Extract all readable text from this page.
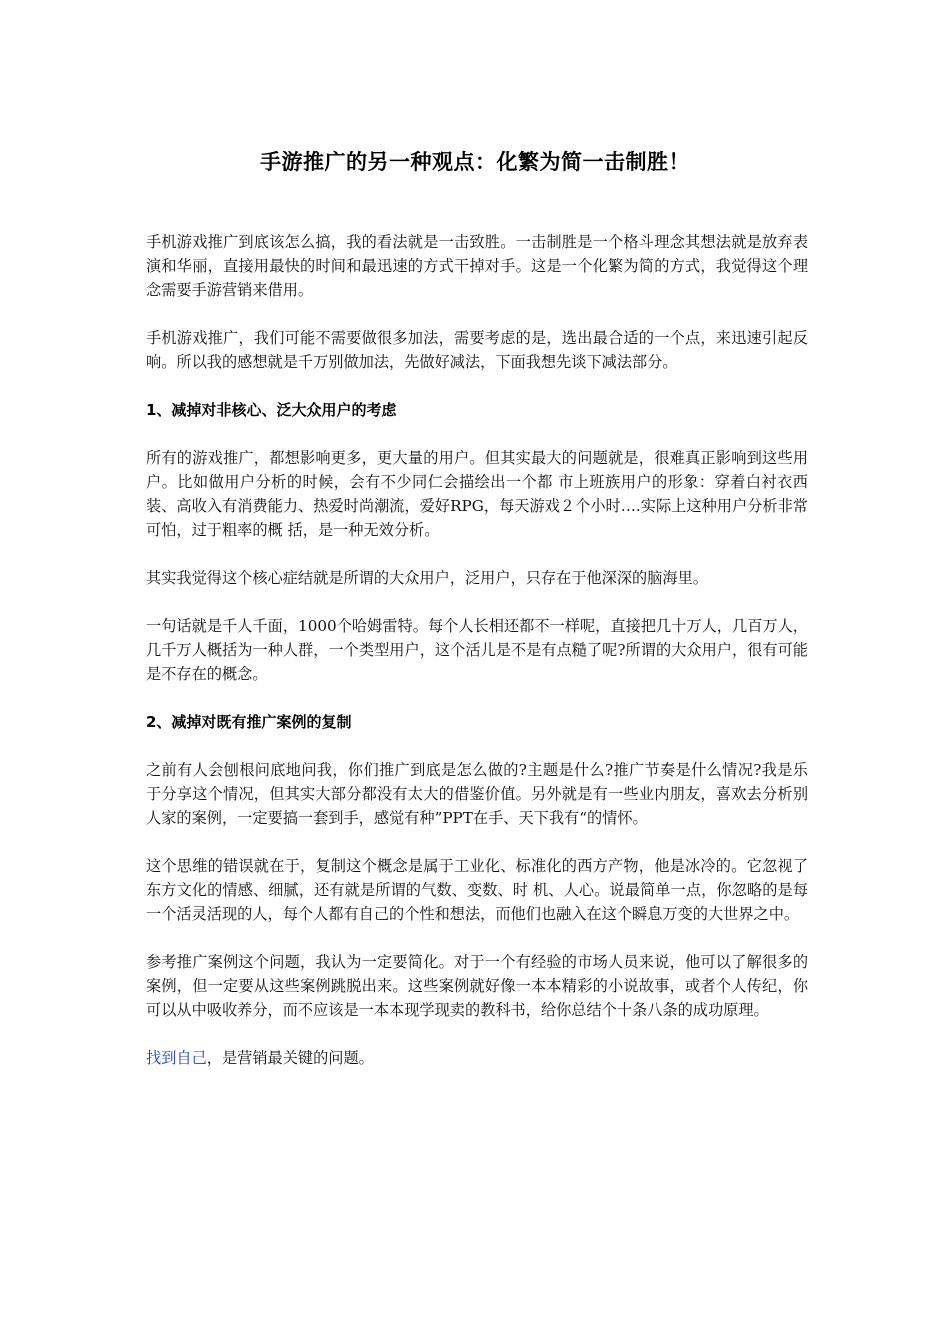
手游推广的另一种观点：化繁为简一击制胜！

手机游戏推广到底该怎么搞，我的看法就是一击致胜。一击制胜是一个格斗理念其想法就是放弃表演和华丽，直接用最快的时间和最迅速的方式干掉对手。这是一个化繁为简的方式，我觉得这个理念需要手游营销来借用。

手机游戏推广，我们可能不需要做很多加法，需要考虑的是，选出最合适的一个点，来迅速引起反响。所以我的感想就是千万别做加法，先做好减法，下面我想先谈下减法部分。

1、减掉对非核心、泛大众用户的考虑

所有的游戏推广，都想影响更多，更大量的用户。但其实最大的问题就是，很难真正影响到这些用户。比如做用户分析的时候，会有不少同仁会描绘出一个都 市上班族用户的形象：穿着白衬衣西装、高收入有消费能力、热爱时尚潮流，爱好RPG，每天游戏２个小时….实际上这种用户分析非常可怕，过于粗率的概 括，是一种无效分析。

其实我觉得这个核心症结就是所谓的大众用户，泛用户，只存在于他深深的脑海里。

一句话就是千人千面，1000个哈姆雷特。每个人长相还都不一样呢，直接把几十万人，几百万人，几千万人概括为一种人群，一个类型用户，这个活儿是不是有点糙了呢?所谓的大众用户，很有可能是不存在的概念。

2、减掉对既有推广案例的复制

之前有人会刨根问底地问我，你们推广到底是怎么做的?主题是什么?推广节奏是什么情况?我是乐于分享这个情况，但其实大部分都没有太大的借鉴价值。另外就是有一些业内朋友，喜欢去分析别人家的案例，一定要搞一套到手，感觉有种”PPT在手、天下我有“的情怀。

这个思维的错误就在于，复制这个概念是属于工业化、标准化的西方产物，他是冰冷的。它忽视了东方文化的情感、细腻，还有就是所谓的气数、变数、时 机、人心。说最简单一点，你忽略的是每一个活灵活现的人，每个人都有自己的个性和想法，而他们也融入在这个瞬息万变的大世界之中。

参考推广案例这个问题，我认为一定要简化。对于一个有经验的市场人员来说，他可以了解很多的案例，但一定要从这些案例跳脱出来。这些案例就好像一本本精彩的小说故事，或者个人传纪，你可以从中吸收养分，而不应该是一本本现学现卖的教科书，给你总结个十条八条的成功原理。

找到自己，是营销最关键的问题。
